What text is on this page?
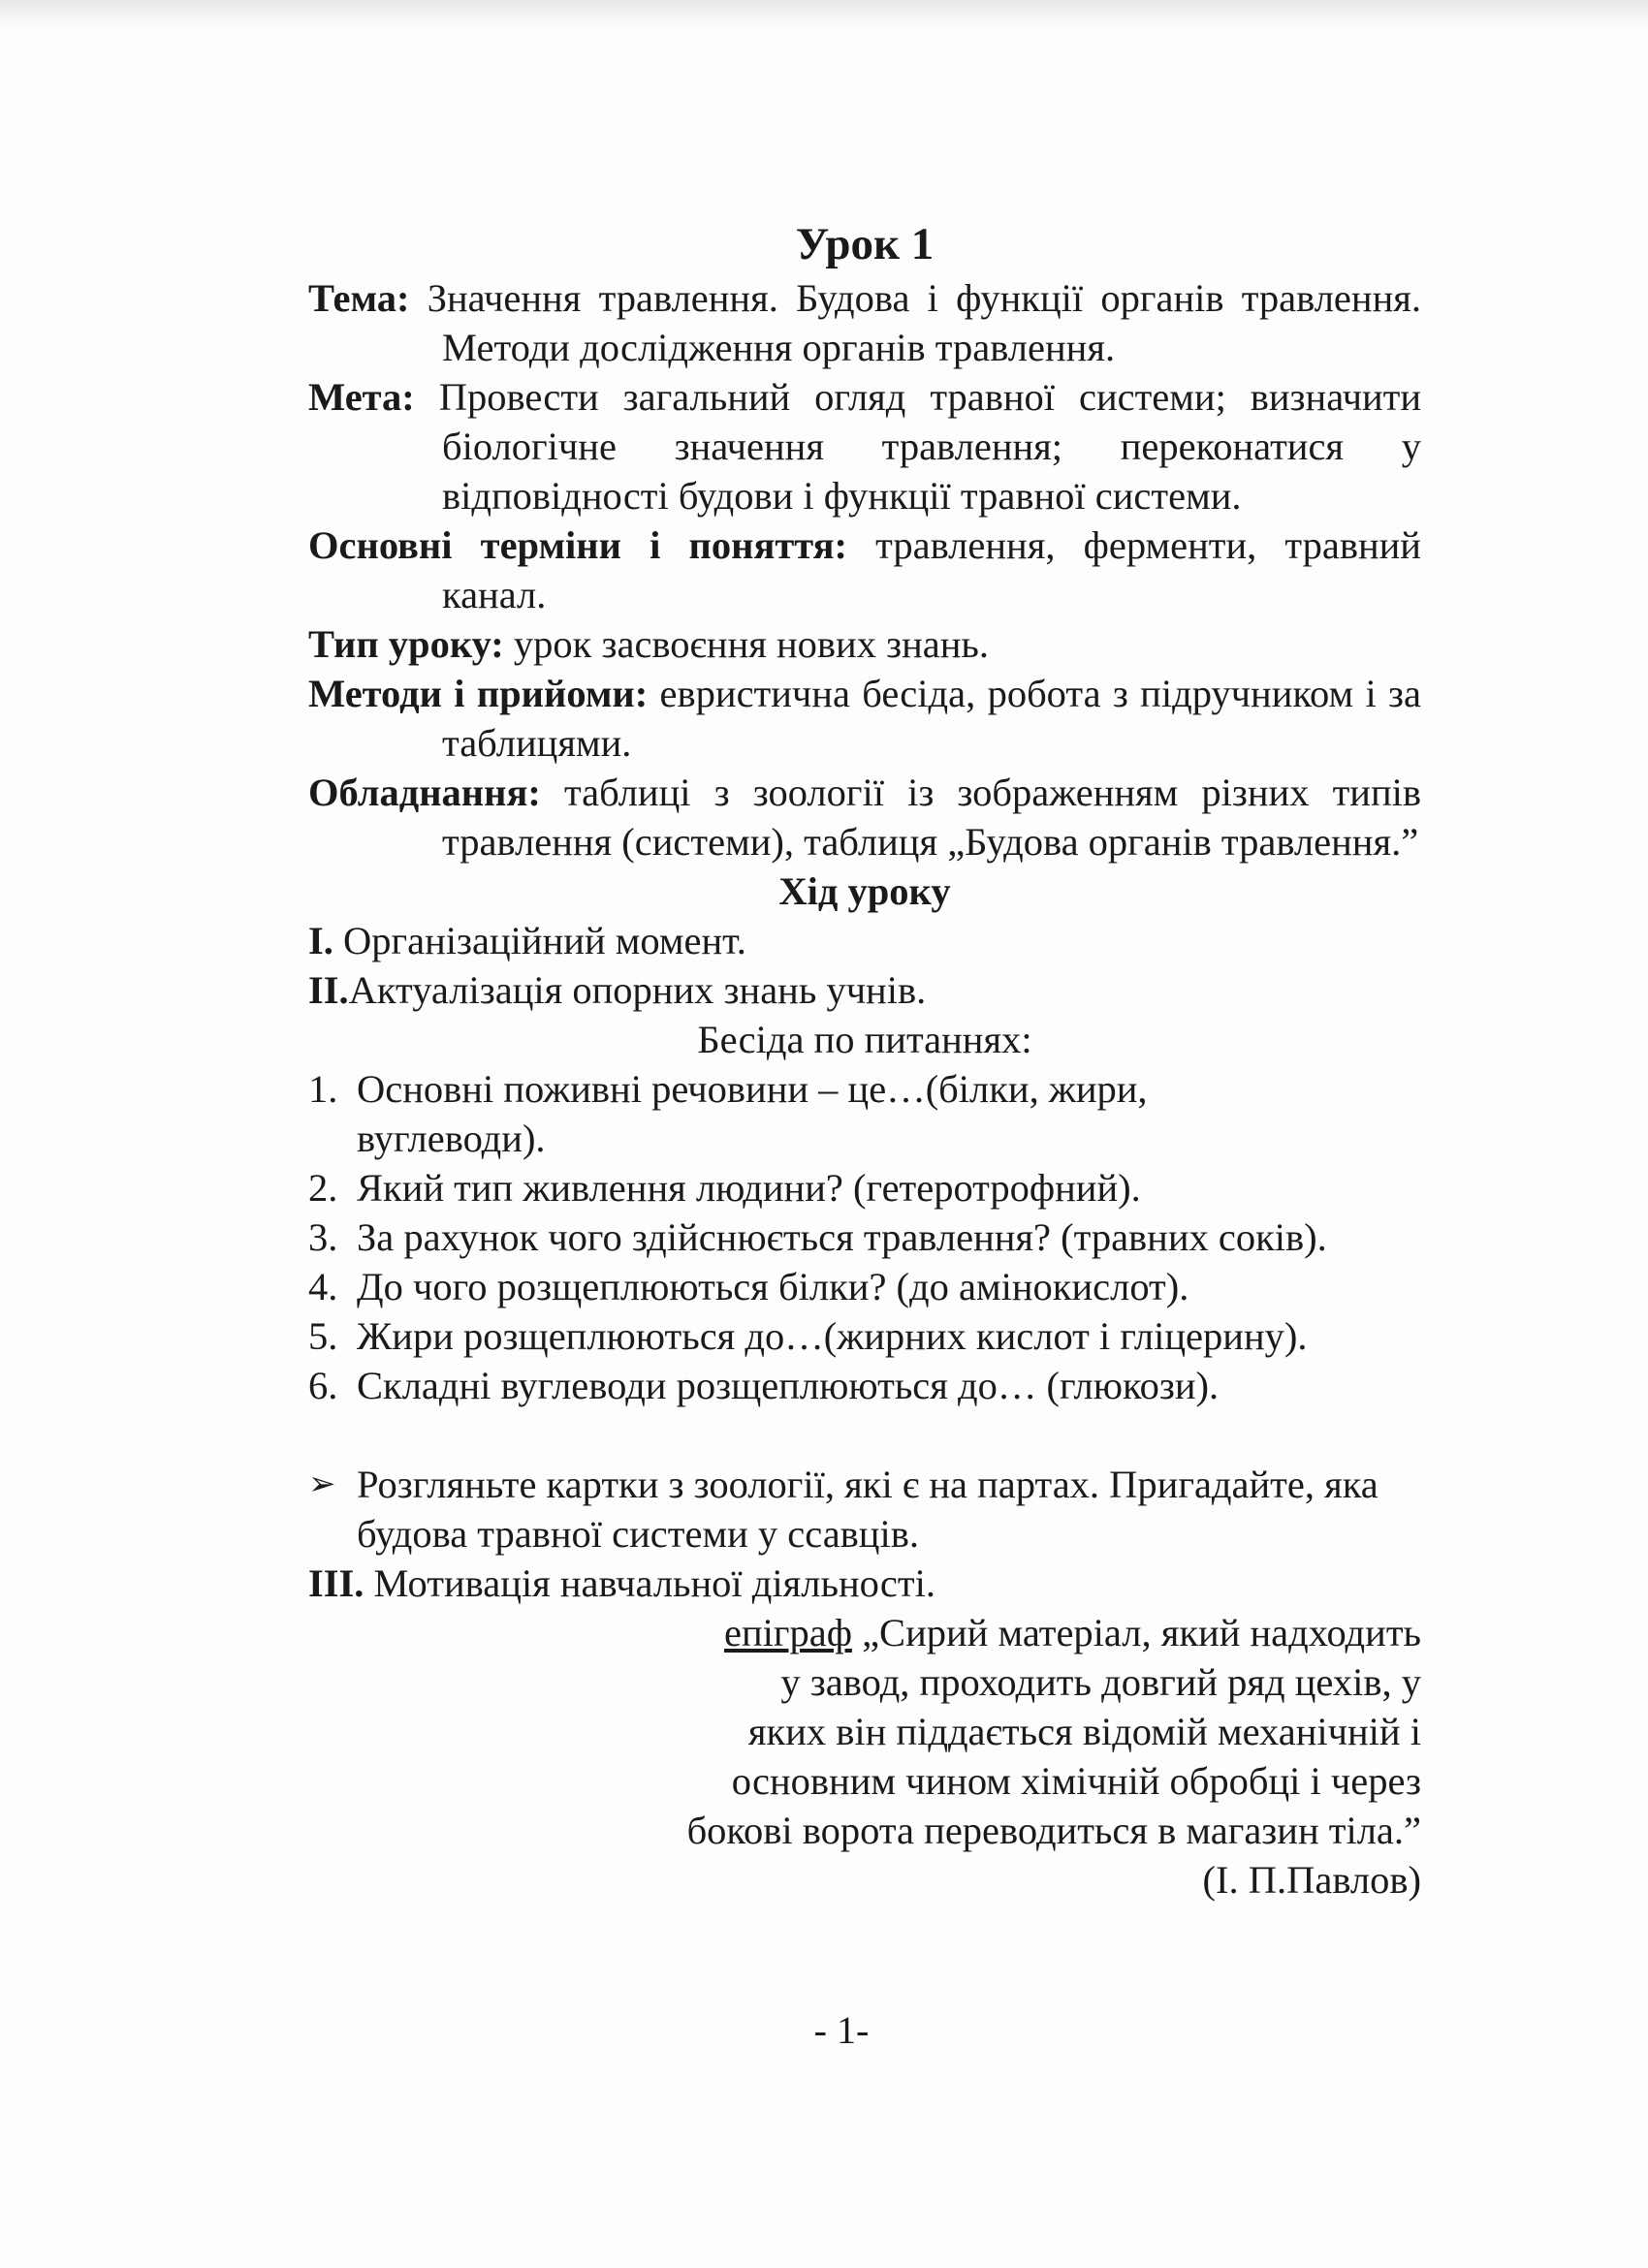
Урок 1

Тема: Значення травлення. Будова і функції органів травлення. Методи дослідження органів травлення.

Мета: Провести загальний огляд травної системи; визначити біологічне значення травлення; переконатися у відповідності будови і функції травної системи.

Основні терміни і поняття: травлення, ферменти, травний канал.

Тип уроку: урок засвоєння нових знань.

Методи і прийоми: евристична бесіда, робота з підручником і за таблицями.

Обладнання: таблиці з зоології із зображенням різних типів травлення (системи), таблиця „Будова органів травлення.”

Хід уроку

І. Організаційний момент.

ІІ.Актуалізація опорних знань учнів.

Бесіда по питаннях:

1. Основні поживні речовини – це…(білки, жири, вуглеводи).
2. Який тип живлення людини? (гетеротрофний).
3. За рахунок чого здійснюється травлення? (травних соків).
4. До чого розщеплюються білки? (до амінокислот).
5. Жири розщеплюються до…(жирних кислот і гліцерину).
6. Складні вуглеводи розщеплюються до… (глюкози).

➢ Розгляньте картки з зоології, які є на партах. Пригадайте, яка будова травної системи у ссавців.

ІІІ. Мотивація навчальної діяльності.

епіграф „Сирий матеріал, який надходить

у завод, проходить довгий ряд цехів, у

яких він піддається відомій механічній і

основним чином хімічній обробці і через

бокові ворота переводиться в магазин тіла.”

(І. П.Павлов)

- 1-
